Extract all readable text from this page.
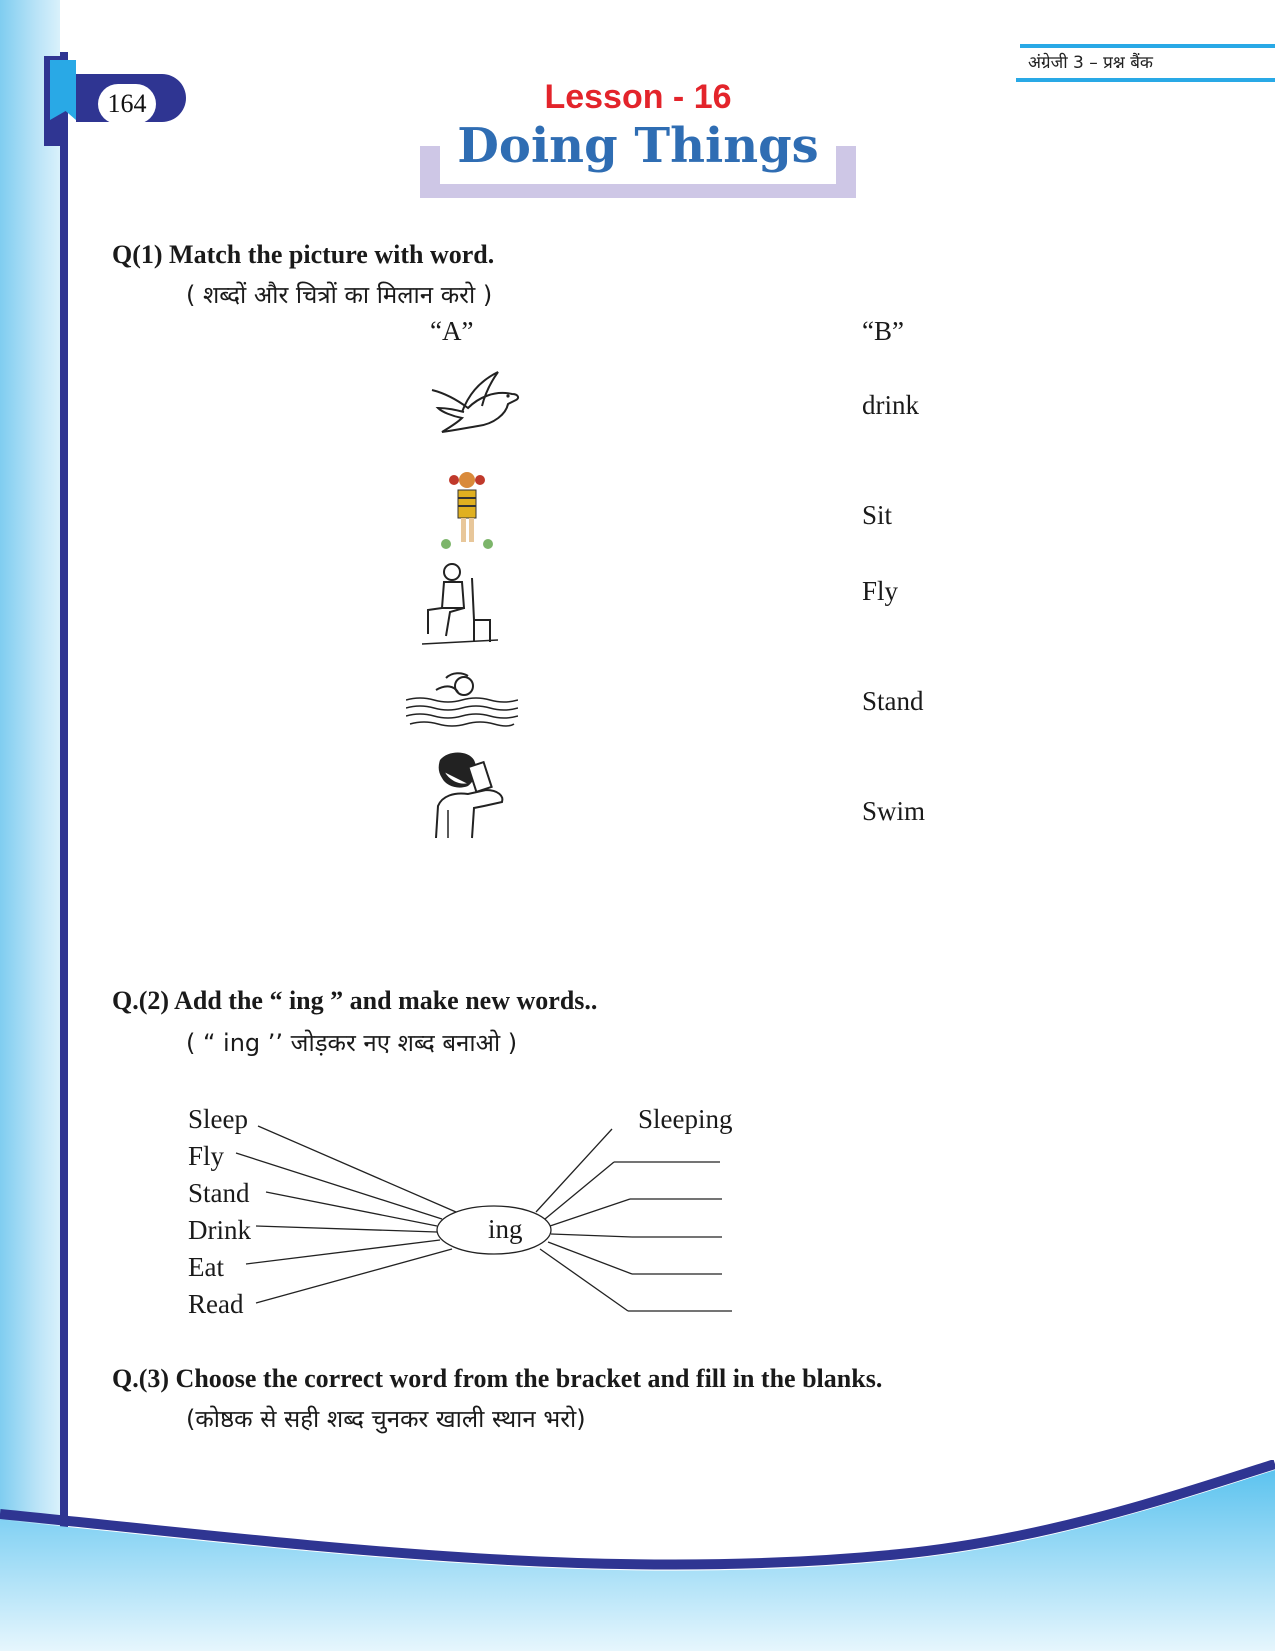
164
अंग्रेजी 3 – प्रश्न बैंक
Lesson - 16
Doing Things
Q(1) Match the picture with word.
( शब्दों और चित्रों का मिलान करो )
“A”	“B”
drink
Sit
Fly
Stand
Swim
Q.(2) Add the “ ing ” and make new words..
( “ ing ’’ जोड़कर नए शब्द बनाओ )
Sleep
Fly
Stand
Drink
Eat
Read
ing
Sleeping
Q.(3) Choose the correct word from the bracket and fill in the blanks.
(कोष्ठक से सही शब्द चुनकर खाली स्थान भरो)
